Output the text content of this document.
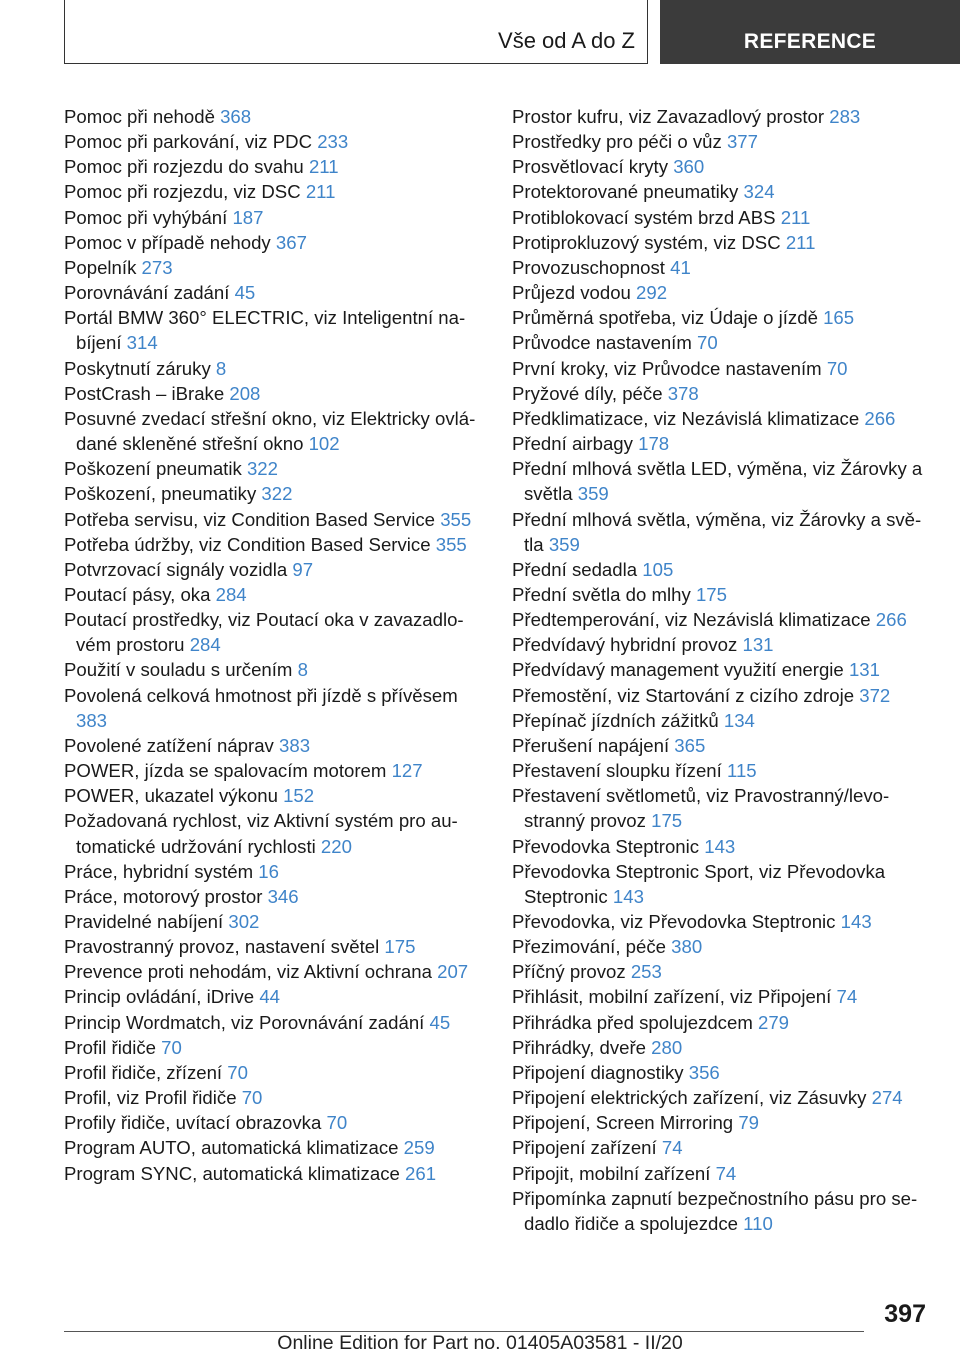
Vše od A do Z	REFERENCE
Pomoc při nehodě 368
Pomoc při parkování, viz PDC 233
Pomoc při rozjezdu do svahu 211
Pomoc při rozjezdu, viz DSC 211
Pomoc při vyhýbání 187
Pomoc v případě nehody 367
Popelník 273
Porovnávání zadání 45
Portál BMW 360° ELECTRIC, viz Inteligentní nabíjení 314
Poskytnutí záruky 8
PostCrash – iBrake 208
Posuvné zvedací střešní okno, viz Elektricky ovládané skleněné střešní okno 102
Poškození pneumatik 322
Poškození, pneumatiky 322
Potřeba servisu, viz Condition Based Service 355
Potřeba údržby, viz Condition Based Service 355
Potvrzovací signály vozidla 97
Poutací pásy, oka 284
Poutací prostředky, viz Poutací oka v zavazadlovém prostoru 284
Použití v souladu s určením 8
Povolená celková hmotnost při jízdě s přívěsem 383
Povolené zatížení náprav 383
POWER, jízda se spalovacím motorem 127
POWER, ukazatel výkonu 152
Požadovaná rychlost, viz Aktivní systém pro automatické udržování rychlosti 220
Práce, hybridní systém 16
Práce, motorový prostor 346
Pravidelné nabíjení 302
Pravostranný provoz, nastavení světel 175
Prevence proti nehodám, viz Aktivní ochrana 207
Princip ovládání, iDrive 44
Princip Wordmatch, viz Porovnávání zadání 45
Profil řidiče 70
Profil řidiče, zřízení 70
Profil, viz Profil řidiče 70
Profily řidiče, uvítací obrazovka 70
Program AUTO, automatická klimatizace 259
Program SYNC, automatická klimatizace 261
Prostor kufru, viz Zavazadlový prostor 283
Prostředky pro péči o vůz 377
Prosvětlovací kryty 360
Protektorované pneumatiky 324
Protiblokovací systém brzd ABS 211
Protiprokluzový systém, viz DSC 211
Provozuschopnost 41
Průjezd vodou 292
Průměrná spotřeba, viz Údaje o jízdě 165
Průvodce nastavením 70
První kroky, viz Průvodce nastavením 70
Pryžové díly, péče 378
Předklimatizace, viz Nezávislá klimatizace 266
Přední airbagy 178
Přední mlhová světla LED, výměna, viz Žárovky a světla 359
Přední mlhová světla, výměna, viz Žárovky a světla 359
Přední sedadla 105
Přední světla do mlhy 175
Předtemperování, viz Nezávislá klimatizace 266
Předvídavý hybridní provoz 131
Předvídavý management využití energie 131
Přemostění, viz Startování z cizího zdroje 372
Přepínač jízdních zážitků 134
Přerušení napájení 365
Přestavení sloupku řízení 115
Přestavení světlometů, viz Pravostranný/levostranný provoz 175
Převodovka Steptronic 143
Převodovka Steptronic Sport, viz Převodovka Steptronic 143
Převodovka, viz Převodovka Steptronic 143
Přezimování, péče 380
Příčný provoz 253
Přihlásit, mobilní zařízení, viz Připojení 74
Přihrádka před spolujezdcem 279
Přihrádky, dveře 280
Připojení diagnostiky 356
Připojení elektrických zařízení, viz Zásuvky 274
Připojení, Screen Mirroring 79
Připojení zařízení 74
Připojit, mobilní zařízení 74
Připomínka zapnutí bezpečnostního pásu pro sedadlo řidiče a spolujezdce 110
397
Online Edition for Part no. 01405A03581 - II/20
